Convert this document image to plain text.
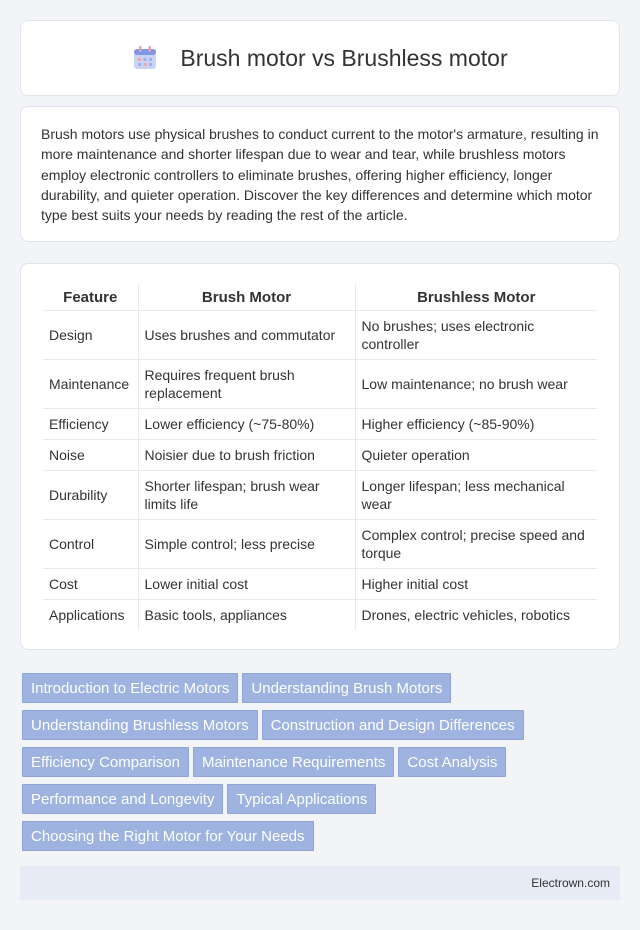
Brush motor vs Brushless motor

Brush motors use physical brushes to conduct current to the motor's armature, resulting in more maintenance and shorter lifespan due to wear and tear, while brushless motors employ electronic controllers to eliminate brushes, offering higher efficiency, longer durability, and quieter operation. Discover the key differences and determine which motor type best suits your needs by reading the rest of the article.

Feature	Brush Motor	Brushless Motor
Design	Uses brushes and commutator	No brushes; uses electronic controller
Maintenance	Requires frequent brush replacement	Low maintenance; no brush wear
Efficiency	Lower efficiency (~75-80%)	Higher efficiency (~85-90%)
Noise	Noisier due to brush friction	Quieter operation
Durability	Shorter lifespan; brush wear limits life	Longer lifespan; less mechanical wear
Control	Simple control; less precise	Complex control; precise speed and torque
Cost	Lower initial cost	Higher initial cost
Applications	Basic tools, appliances	Drones, electric vehicles, robotics
Introduction to Electric Motors Understanding Brush MotorsUnderstanding Brushless Motors Construction and Design DifferencesEfficiency Comparison Maintenance Requirements Cost AnalysisPerformance and Longevity Typical ApplicationsChoosing the Right Motor for Your Needs
Electrown.com
